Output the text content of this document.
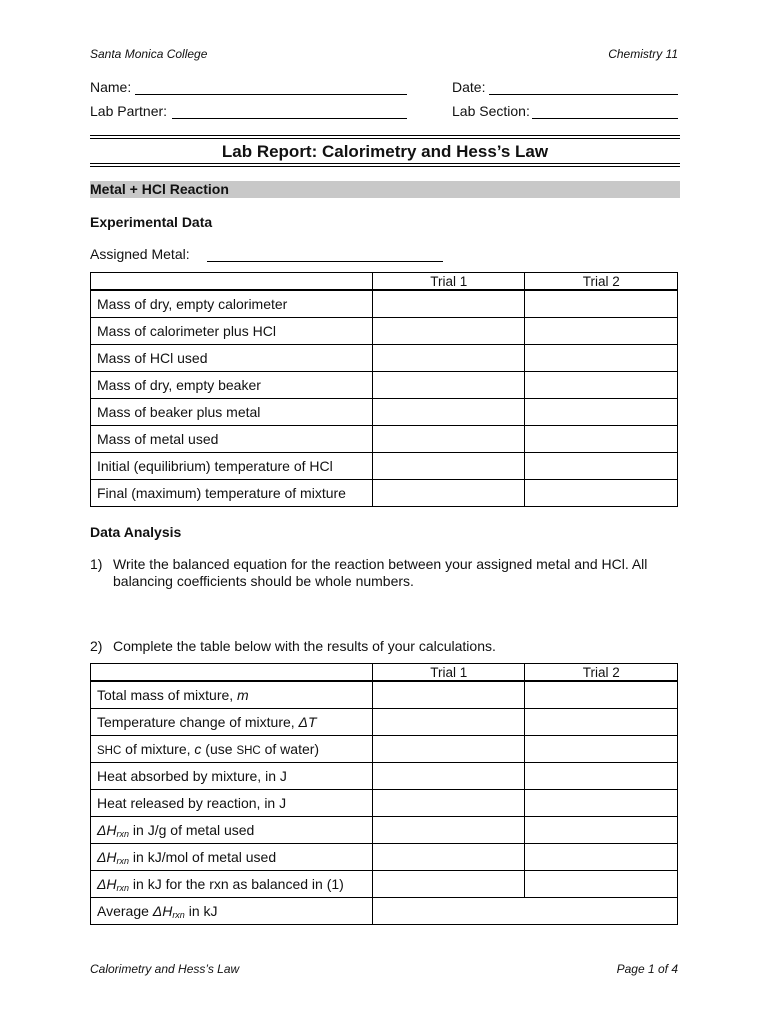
Santa Monica College	Chemistry 11
Name:	Date:
Lab Partner:	Lab Section:
Lab Report: Calorimetry and Hess’s Law
Metal + HCl Reaction
Experimental Data
Assigned Metal:
	Trial 1	Trial 2
Mass of dry, empty calorimeter		
Mass of calorimeter plus HCl		
Mass of HCl used		
Mass of dry, empty beaker		
Mass of beaker plus metal		
Mass of metal used		
Initial (equilibrium) temperature of HCl		
Final (maximum) temperature of mixture		
Data Analysis
1) Write the balanced equation for the reaction between your assigned metal and HCl. All
balancing coefficients should be whole numbers.
2) Complete the table below with the results of your calculations.
	Trial 1	Trial 2
Total mass of mixture, m		
Temperature change of mixture, ΔT		
SHC of mixture, c (use SHC of water)		
Heat absorbed by mixture, in J		
Heat released by reaction, in J		
$\Delta H_{rxn}$ in J/g of metal used		
$\Delta H_{rxn}$ in kJ/mol of metal used		
$\Delta H_{rxn}$ in kJ for the rxn as balanced in (1)		
Average $\Delta H_{rxn}$ in kJ		
Calorimetry and Hess’s Law	Page 1 of 4
